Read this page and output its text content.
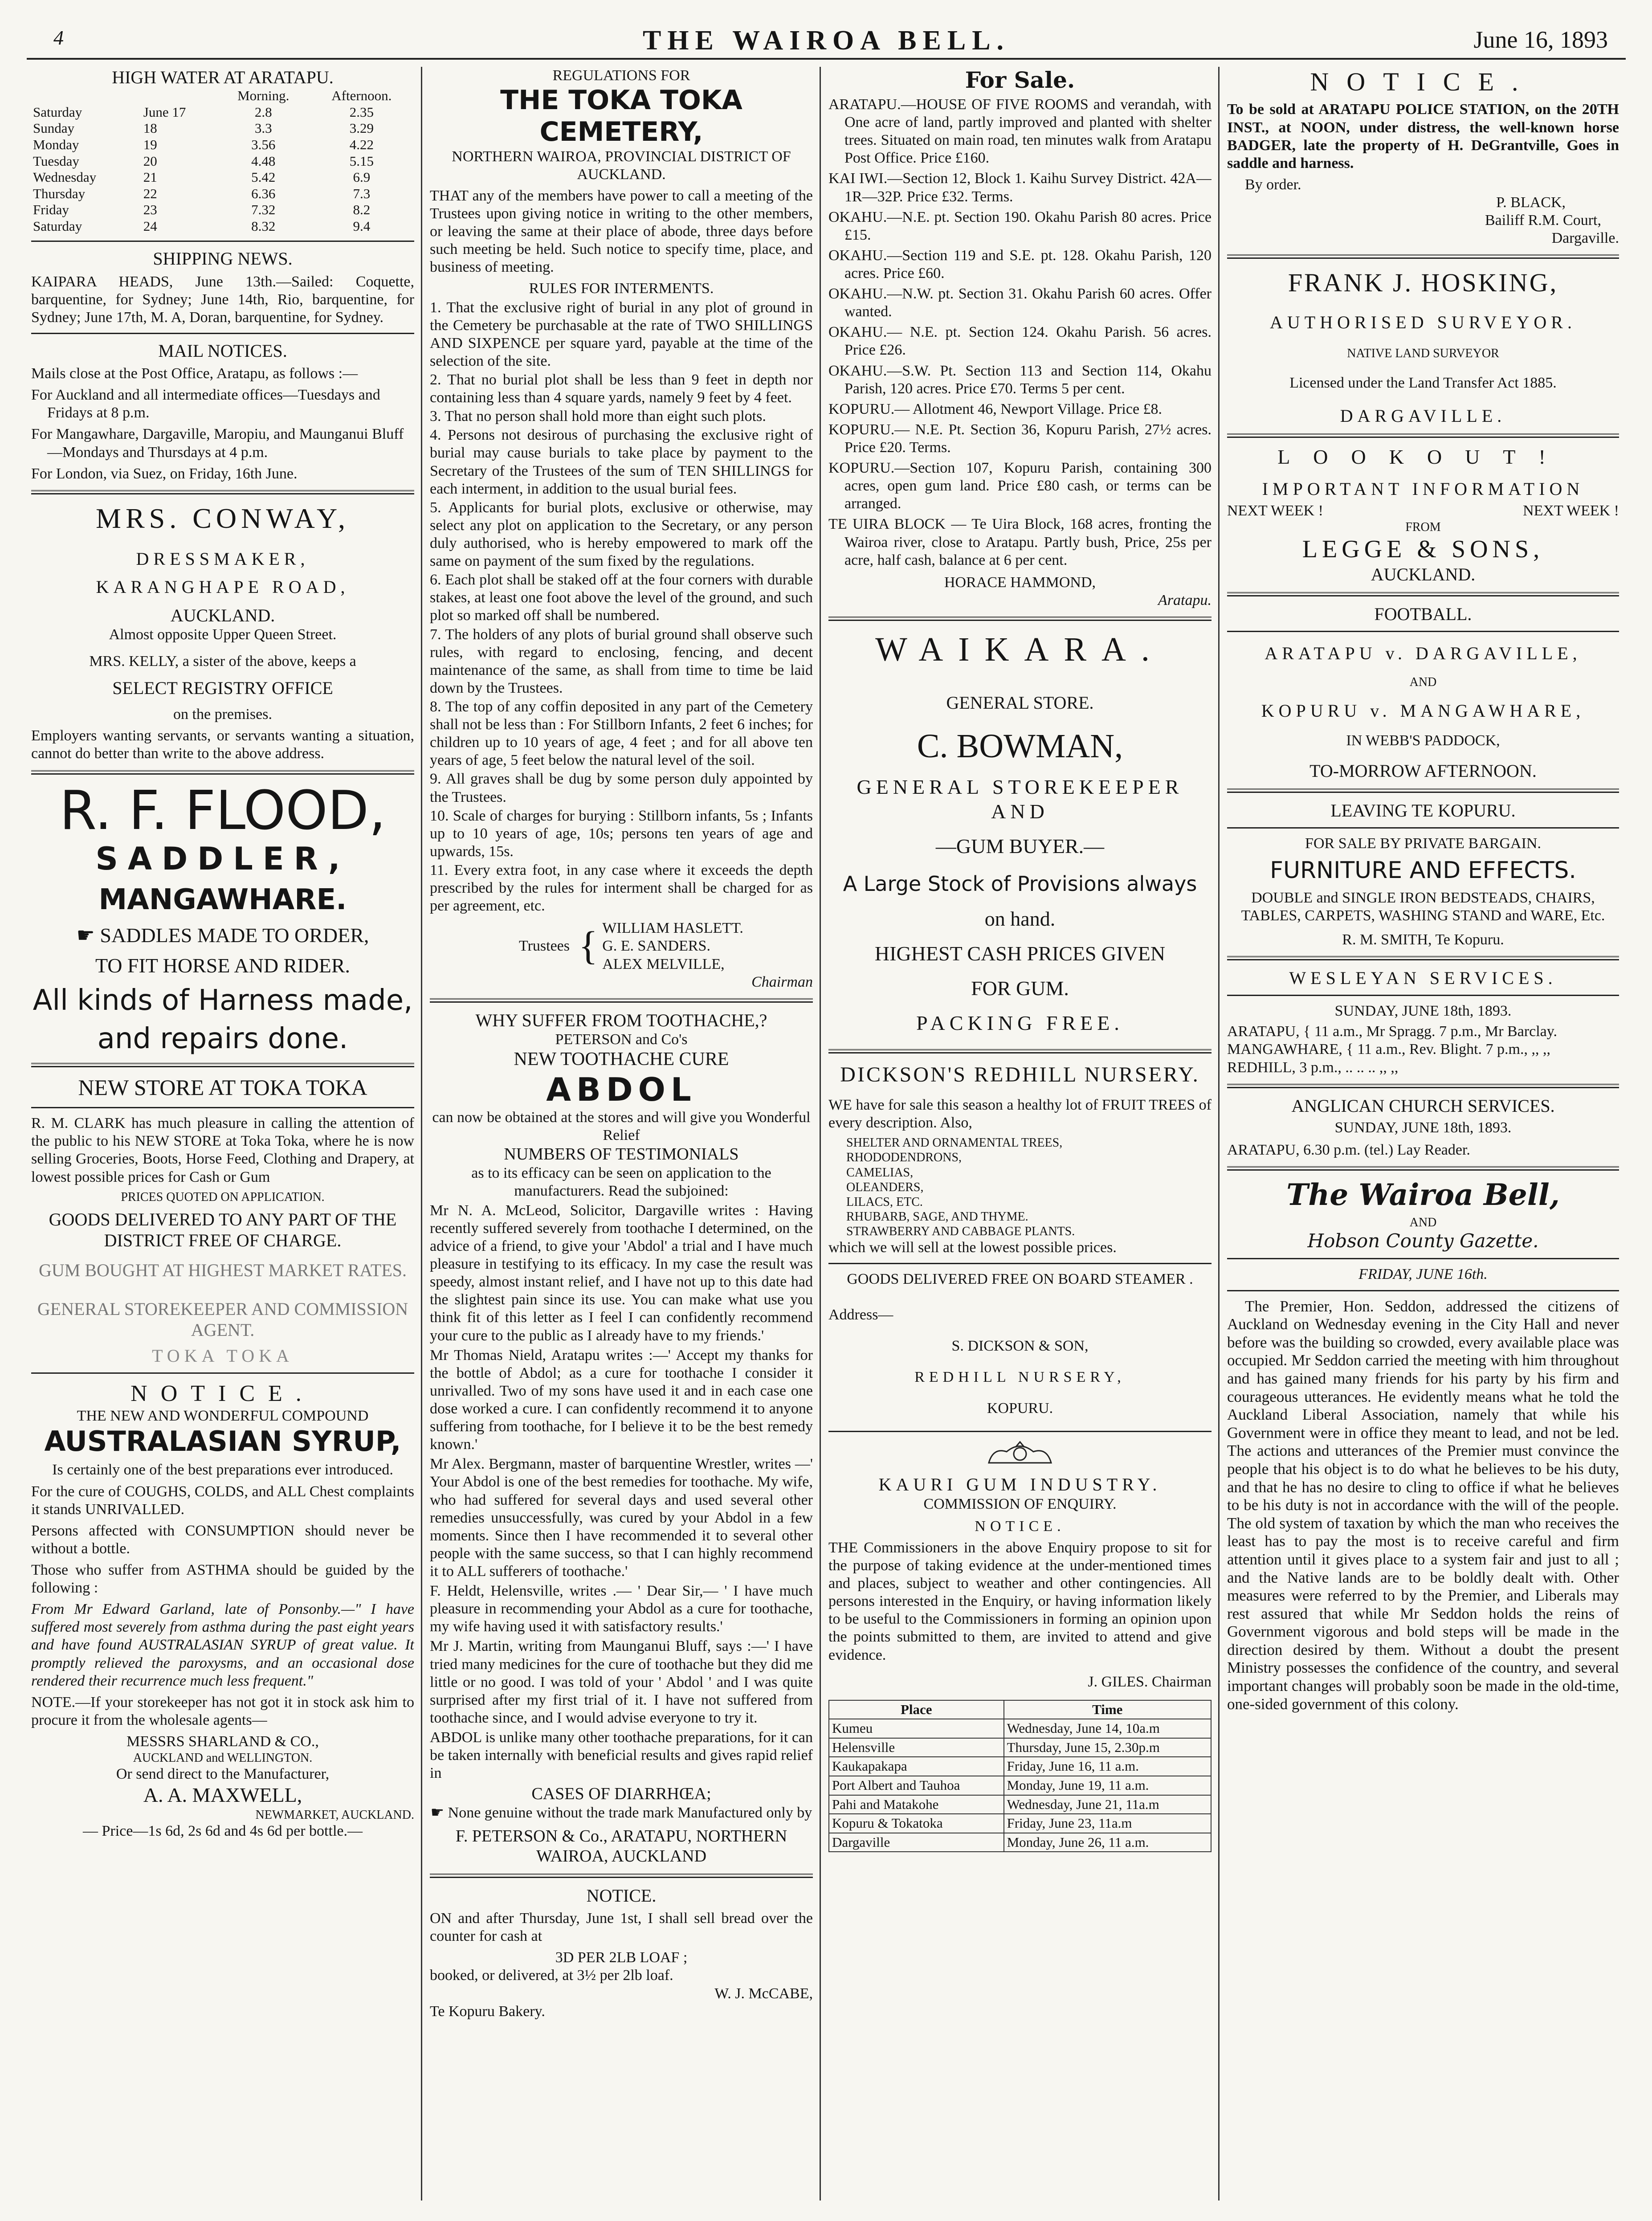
4	THE WAIROA BELL.	June 16, 1893
HIGH WATER AT ARATAPU.
		Morning.	Afternoon.
Saturday	June 17	2.8	2.35
Sunday	18	3.3	3.29
Monday	19	3.56	4.22
Tuesday	20	4.48	5.15
Wednesday	21	5.42	6.9
Thursday	22	6.36	7.3
Friday	23	7.32	8.2
Saturday	24	8.32	9.4
SHIPPING NEWS.

KAIPARA HEADS, June 13th.—Sailed: Coquette, barquentine, for Sydney; June 14th, Rio, barquentine, for Sydney; June 17th, M. A, Doran, barquentine, for Sydney.

MAIL NOTICES.

Mails close at the Post Office, Aratapu, as follows :—

For Auckland and all intermediate offices—Tuesdays and Fridays at 8 p.m.

For Mangawhare, Dargaville, Maropiu, and Maunganui Bluff—Mondays and Thursdays at 4 p.m.

For London, via Suez, on Friday, 16th June.

MRS. CONWAY,
DRESSMAKER,
KARANGHAPE ROAD,
AUCKLAND.
Almost opposite Upper Queen Street.
MRS. KELLY, a sister of the above, keeps a
SELECT REGISTRY OFFICE
on the premises.

Employers wanting servants, or servants wanting a situation, cannot do better than write to the above address.

R. F. FLOOD,
SADDLER,
MANGAWHARE.
☛ SADDLES MADE TO ORDER,
TO FIT HORSE AND RIDER.
All kinds of Harness made,
and repairs done.
NEW STORE AT TOKA TOKA

R. M. CLARK has much pleasure in calling the attention of the public to his NEW STORE at Toka Toka, where he is now selling Groceries, Boots, Horse Feed, Clothing and Drapery, at lowest possible prices for Cash or Gum

PRICES QUOTED ON APPLICATION.
GOODS DELIVERED TO ANY PART OF THE DISTRICT FREE OF CHARGE.
GUM BOUGHT AT HIGHEST MARKET RATES.
GENERAL STOREKEEPER AND COMMISSION AGENT.
TOKA TOKA
NOTICE.
THE NEW AND WONDERFUL COMPOUND
AUSTRALASIAN SYRUP,

Is certainly one of the best preparations ever introduced.

For the cure of COUGHS, COLDS, and ALL Chest complaints it stands UNRIVALLED.

Persons affected with CONSUMPTION should never be without a bottle.

Those who suffer from ASTHMA should be guided by the following :

From Mr Edward Garland, late of Ponsonby.—" I have suffered most severely from asthma during the past eight years and have found AUSTRALASIAN SYRUP of great value. It promptly relieved the paroxysms, and an occasional dose rendered their recurrence much less frequent."

NOTE.—If your storekeeper has not got it in stock ask him to procure it from the wholesale agents—

MESSRS SHARLAND & CO.,
AUCKLAND and WELLINGTON.
Or send direct to the Manufacturer,
A. A. MAXWELL,
NEWMARKET, AUCKLAND.
— Price—1s 6d, 2s 6d and 4s 6d per bottle.—
REGULATIONS FOR
THE TOKA TOKA CEMETERY,
NORTHERN WAIROA, PROVINCIAL DISTRICT OF AUCKLAND.

THAT any of the members have power to call a meeting of the Trustees upon giving notice in writing to the other members, or leaving the same at their place of abode, three days before such meeting be held. Such notice to specify time, place, and business of meeting.

RULES FOR INTERMENTS.

1. That the exclusive right of burial in any plot of ground in the Cemetery be purchasable at the rate of TWO SHILLINGS AND SIXPENCE per square yard, payable at the time of the selection of the site.

2. That no burial plot shall be less than 9 feet in depth nor containing less than 4 square yards, namely 9 feet by 4 feet.

3. That no person shall hold more than eight such plots.

4. Persons not desirous of purchasing the exclusive right of burial may cause burials to take place by payment to the Secretary of the Trustees of the sum of TEN SHILLINGS for each interment, in addition to the usual burial fees.

5. Applicants for burial plots, exclusive or otherwise, may select any plot on application to the Secretary, or any person duly authorised, who is hereby empowered to mark off the same on payment of the sum fixed by the regulations.

6. Each plot shall be staked off at the four corners with durable stakes, at least one foot above the level of the ground, and such plot so marked off shall be numbered.

7. The holders of any plots of burial ground shall observe such rules, with regard to enclosing, fencing, and decent maintenance of the same, as shall from time to time be laid down by the Trustees.

8. The top of any coffin deposited in any part of the Cemetery shall not be less than : For Stillborn Infants, 2 feet 6 inches; for children up to 10 years of age, 4 feet ; and for all above ten years of age, 5 feet below the natural level of the soil.

9. All graves shall be dug by some person duly appointed by the Trustees.

10. Scale of charges for burying : Stillborn infants, 5s ; Infants up to 10 years of age, 10s; persons ten years of age and upwards, 15s.

11. Every extra foot, in any case where it exceeds the depth prescribed by the rules for interment shall be charged for as per agreement, etc.

Trustees { WILLIAM HASLETT.
G. E. SANDERS.
ALEX MELVILLE,
Chairman
WHY SUFFER FROM TOOTHACHE,?
PETERSON and Co's
NEW TOOTHACHE CURE
ABDOL
can now be obtained at the stores and will give you Wonderful Relief
NUMBERS OF TESTIMONIALS
as to its efficacy can be seen on application to the manufacturers. Read the subjoined:

Mr N. A. McLeod, Solicitor, Dargaville writes : Having recently suffered severely from toothache I determined, on the advice of a friend, to give your 'Abdol' a trial and I have much pleasure in testifying to its efficacy. In my case the result was speedy, almost instant relief, and I have not up to this date had the slightest pain since its use. You can make what use you think fit of this letter as I feel I can confidently recommend your cure to the public as I already have to my friends.'

Mr Thomas Nield, Aratapu writes :—' Accept my thanks for the bottle of Abdol; as a cure for toothache I consider it unrivalled. Two of my sons have used it and in each case one dose worked a cure. I can confidently recommend it to anyone suffering from toothache, for I believe it to be the best remedy known.'

Mr Alex. Bergmann, master of barquentine Wrestler, writes —' Your Abdol is one of the best remedies for toothache. My wife, who had suffered for several days and used several other remedies unsuccessfully, was cured by your Abdol in a few moments. Since then I have recommended it to several other people with the same success, so that I can highly recommend it to ALL sufferers of toothache.'

F. Heldt, Helensville, writes .— ' Dear Sir,— ' I have much pleasure in recommending your Abdol as a cure for toothache, my wife having used it with satisfactory results.'

Mr J. Martin, writing from Maunganui Bluff, says :—' I have tried many medicines for the cure of toothache but they did me little or no good. I was told of your ' Abdol ' and I was quite surprised after my first trial of it. I have not suffered from toothache since, and I would advise everyone to try it.

ABDOL is unlike many other toothache preparations, for it can be taken internally with beneficial results and gives rapid relief in

CASES OF DIARRHŒA;
☛ None genuine without the trade mark Manufactured only by
F. PETERSON & Co., ARATAPU, NORTHERN WAIROA, AUCKLAND
NOTICE.

ON and after Thursday, June 1st, I shall sell bread over the counter for cash at

3D PER 2LB LOAF ;
booked, or delivered, at 3½ per 2lb loaf.
W. J. McCABE,
Te Kopuru Bakery.
For Sale.

ARATAPU.—HOUSE OF FIVE ROOMS and verandah, with One acre of land, partly improved and planted with shelter trees. Situated on main road, ten minutes walk from Aratapu Post Office. Price £160.

KAI IWI.—Section 12, Block 1. Kaihu Survey District. 42A—1R—32P. Price £32. Terms.

OKAHU.—N.E. pt. Section 190. Okahu Parish 80 acres. Price £15.

OKAHU.—Section 119 and S.E. pt. 128. Okahu Parish, 120 acres. Price £60.

OKAHU.—N.W. pt. Section 31. Okahu Parish 60 acres. Offer wanted.

OKAHU.— N.E. pt. Section 124. Okahu Parish. 56 acres. Price £26.

OKAHU.—S.W. Pt. Section 113 and Section 114, Okahu Parish, 120 acres. Price £70. Terms 5 per cent.

KOPURU.— Allotment 46, Newport Village. Price £8.

KOPURU.— N.E. Pt. Section 36, Kopuru Parish, 27½ acres. Price £20. Terms.

KOPURU.—Section 107, Kopuru Parish, containing 300 acres, open gum land. Price £80 cash, or terms can be arranged.

TE UIRA BLOCK — Te Uira Block, 168 acres, fronting the Wairoa river, close to Aratapu. Partly bush, Price, 25s per acre, half cash, balance at 6 per cent.

HORACE HAMMOND,
Aratapu.
WAIKARA.
GENERAL STORE.
C. BOWMAN,
GENERAL STOREKEEPER AND
—GUM BUYER.—
A Large Stock of Provisions always
on hand.
HIGHEST CASH PRICES GIVEN
FOR GUM.
PACKING FREE.
DICKSON'S REDHILL NURSERY.

WE have for sale this season a healthy lot of FRUIT TREES of every description. Also,

SHELTER AND ORNAMENTAL TREES,
RHODODENDRONS,
CAMELIAS,
OLEANDERS,
LILACS, ETC.
RHUBARB, SAGE, AND THYME.
STRAWBERRY AND CABBAGE PLANTS.
which we will sell at the lowest possible prices.
GOODS DELIVERED FREE ON BOARD STEAMER .
Address—
S. DICKSON & SON,
REDHILL NURSERY,
KOPURU.
KAURI GUM INDUSTRY.
COMMISSION OF ENQUIRY.
NOTICE.

THE Commissioners in the above Enquiry propose to sit for the purpose of taking evidence at the under-mentioned times and places, subject to weather and other contingencies. All persons interested in the Enquiry, or having information likely to be useful to the Commissioners in forming an opinion upon the points submitted to them, are invited to attend and give evidence.

J. GILES. Chairman
Place	Time
Kumeu	Wednesday, June 14, 10a.m
Helensville	Thursday, June 15, 2.30p.m
Kaukapakapa	Friday, June 16, 11 a.m.
Port Albert and Tauhoa	Monday, June 19, 11 a.m.
Pahi and Matakohe	Wednesday, June 21, 11a.m
Kopuru & Tokatoka	Friday, June 23, 11a.m
Dargaville	Monday, June 26, 11 a.m.
NOTICE.

To be sold at ARATAPU POLICE STATION, on the 20TH INST., at NOON, under distress, the well-known horse BADGER, late the property of H. DeGrantville, Goes in saddle and harness.

By order.
P. BLACK,
Bailiff R.M. Court,
Dargaville.
FRANK J. HOSKING,
AUTHORISED SURVEYOR.
NATIVE LAND SURVEYOR
Licensed under the Land Transfer Act 1885.
DARGAVILLE.
LOOKOUT!
IMPORTANT INFORMATION
NEXT WEEK !	NEXT WEEK !
FROM
LEGGE & SONS,
AUCKLAND.
FOOTBALL.
ARATAPU v. DARGAVILLE,
AND
KOPURU v. MANGAWHARE,
IN WEBB'S PADDOCK,
TO-MORROW AFTERNOON.
LEAVING TE KOPURU.
FOR SALE BY PRIVATE BARGAIN.
FURNITURE AND EFFECTS.
DOUBLE and SINGLE IRON BEDSTEADS, CHAIRS, TABLES, CARPETS, WASHING STAND and WARE, Etc.
R. M. SMITH, Te Kopuru.
WESLEYAN SERVICES.
SUNDAY, JUNE 18th, 1893.
ARATAPU, { 11 a.m., Mr Spragg. 7 p.m., Mr Barclay.
MANGAWHARE, { 11 a.m., Rev. Blight. 7 p.m., ,, ,,
REDHILL, 3 p.m., .. .. .. ,, ,,
ANGLICAN CHURCH SERVICES.
SUNDAY, JUNE 18th, 1893.
ARATAPU, 6.30 p.m. (tel.) Lay Reader.
The Wairoa Bell,
AND
Hobson County Gazette.
FRIDAY, JUNE 16th.

The Premier, Hon. Seddon, addressed the citizens of Auckland on Wednesday evening in the City Hall and never before was the building so crowded, every available place was occupied. Mr Seddon carried the meeting with him throughout and has gained many friends for his party by his firm and courageous utterances. He evidently means what he told the Auckland Liberal Association, namely that while his Government were in office they meant to lead, and not be led. The actions and utterances of the Premier must convince the people that his object is to do what he believes to be his duty, and that he has no desire to cling to office if what he believes to be his duty is not in accordance with the will of the people. The old system of taxation by which the man who receives the least has to pay the most is to receive careful and firm attention until it gives place to a system fair and just to all ; and the Native lands are to be boldly dealt with. Other measures were referred to by the Premier, and Liberals may rest assured that while Mr Seddon holds the reins of Government vigorous and bold steps will be made in the direction desired by them. Without a doubt the present Ministry possesses the confidence of the country, and several important changes will probably soon be made in the old-time, one-sided government of this colony.
